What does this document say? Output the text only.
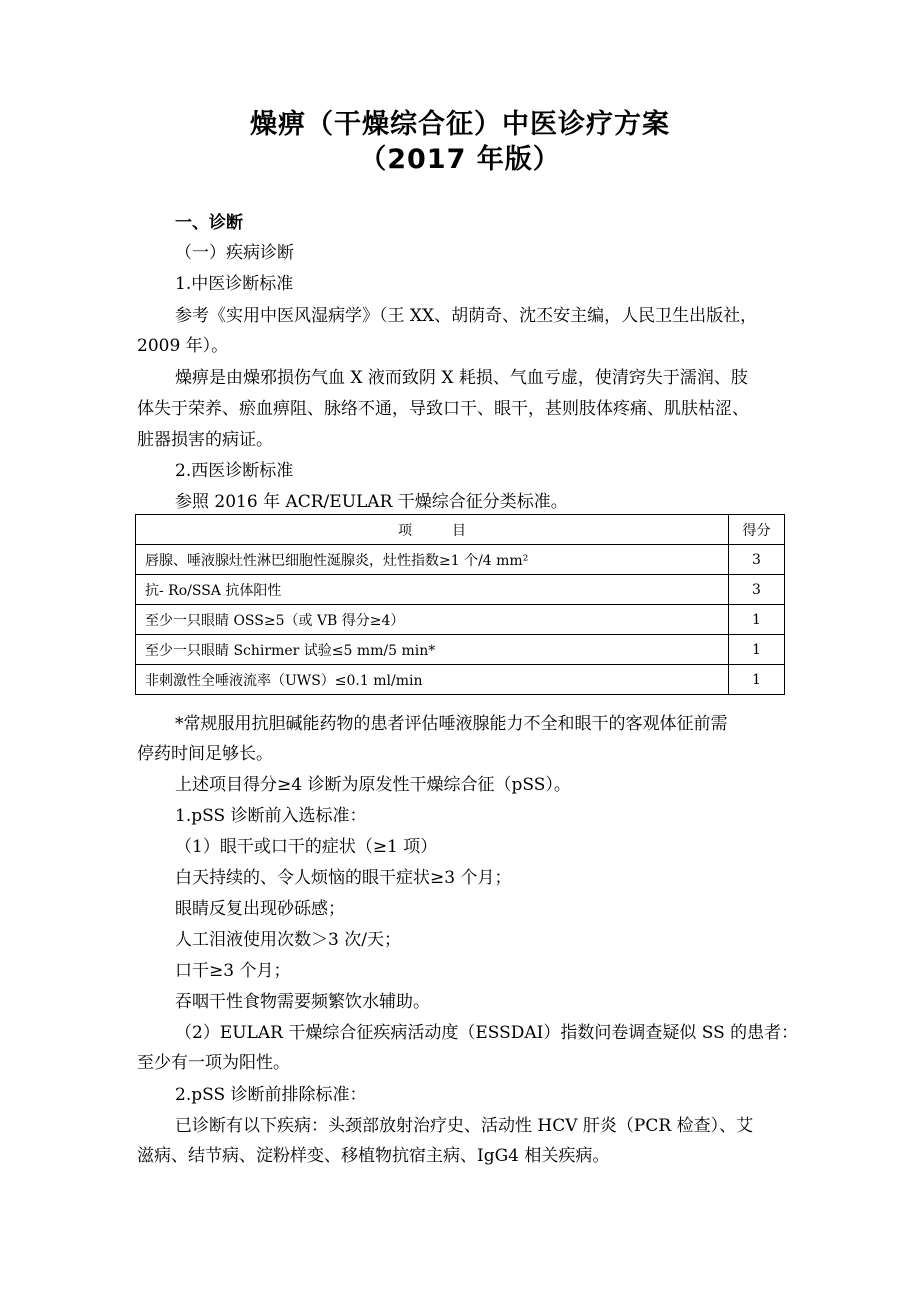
燥痹（干燥综合征）中医诊疗方案
（2017 年版）
一、诊断
（一）疾病诊断
1.中医诊断标准
参考《实用中医风湿病学》（王 XX、胡荫奇、沈丕安主编，人民卫生出版社，
2009 年）。
燥痹是由燥邪损伤气血 X 液而致阴 X 耗损、气血亏虚，使清窍失于濡润、肢
体失于荣养、瘀血痹阻、脉络不通，导致口干、眼干，甚则肢体疼痛、肌肤枯涩、
脏器损害的病证。
2.西医诊断标准
参照 2016 年 ACR/EULAR 干燥综合征分类标准。
项 目	得分
唇腺、唾液腺灶性淋巴细胞性涎腺炎，灶性指数≥1 个/4 mm²	3
抗- Ro/SSA 抗体阳性	3
至少一只眼睛 OSS≥5（或 VB 得分≥4）	1
至少一只眼睛 Schirmer 试验≤5 mm/5 min*	1
非刺激性全唾液流率（UWS）≤0.1 ml/min	1
*常规服用抗胆碱能药物的患者评估唾液腺能力不全和眼干的客观体征前需
停药时间足够长。
上述项目得分≥4 诊断为原发性干燥综合征（pSS）。
1.pSS 诊断前入选标准：
（1）眼干或口干的症状（≥1 项）
白天持续的、令人烦恼的眼干症状≥3 个月；
眼睛反复出现砂砾感；
人工泪液使用次数＞3 次/天；
口干≥3 个月；
吞咽干性食物需要频繁饮水辅助。
（2）EULAR 干燥综合征疾病活动度（ESSDAI）指数问卷调查疑似 SS 的患者：
至少有一项为阳性。
2.pSS 诊断前排除标准：
已诊断有以下疾病：头颈部放射治疗史、活动性 HCV 肝炎（PCR 检查）、艾
滋病、结节病、淀粉样变、移植物抗宿主病、IgG4 相关疾病。
